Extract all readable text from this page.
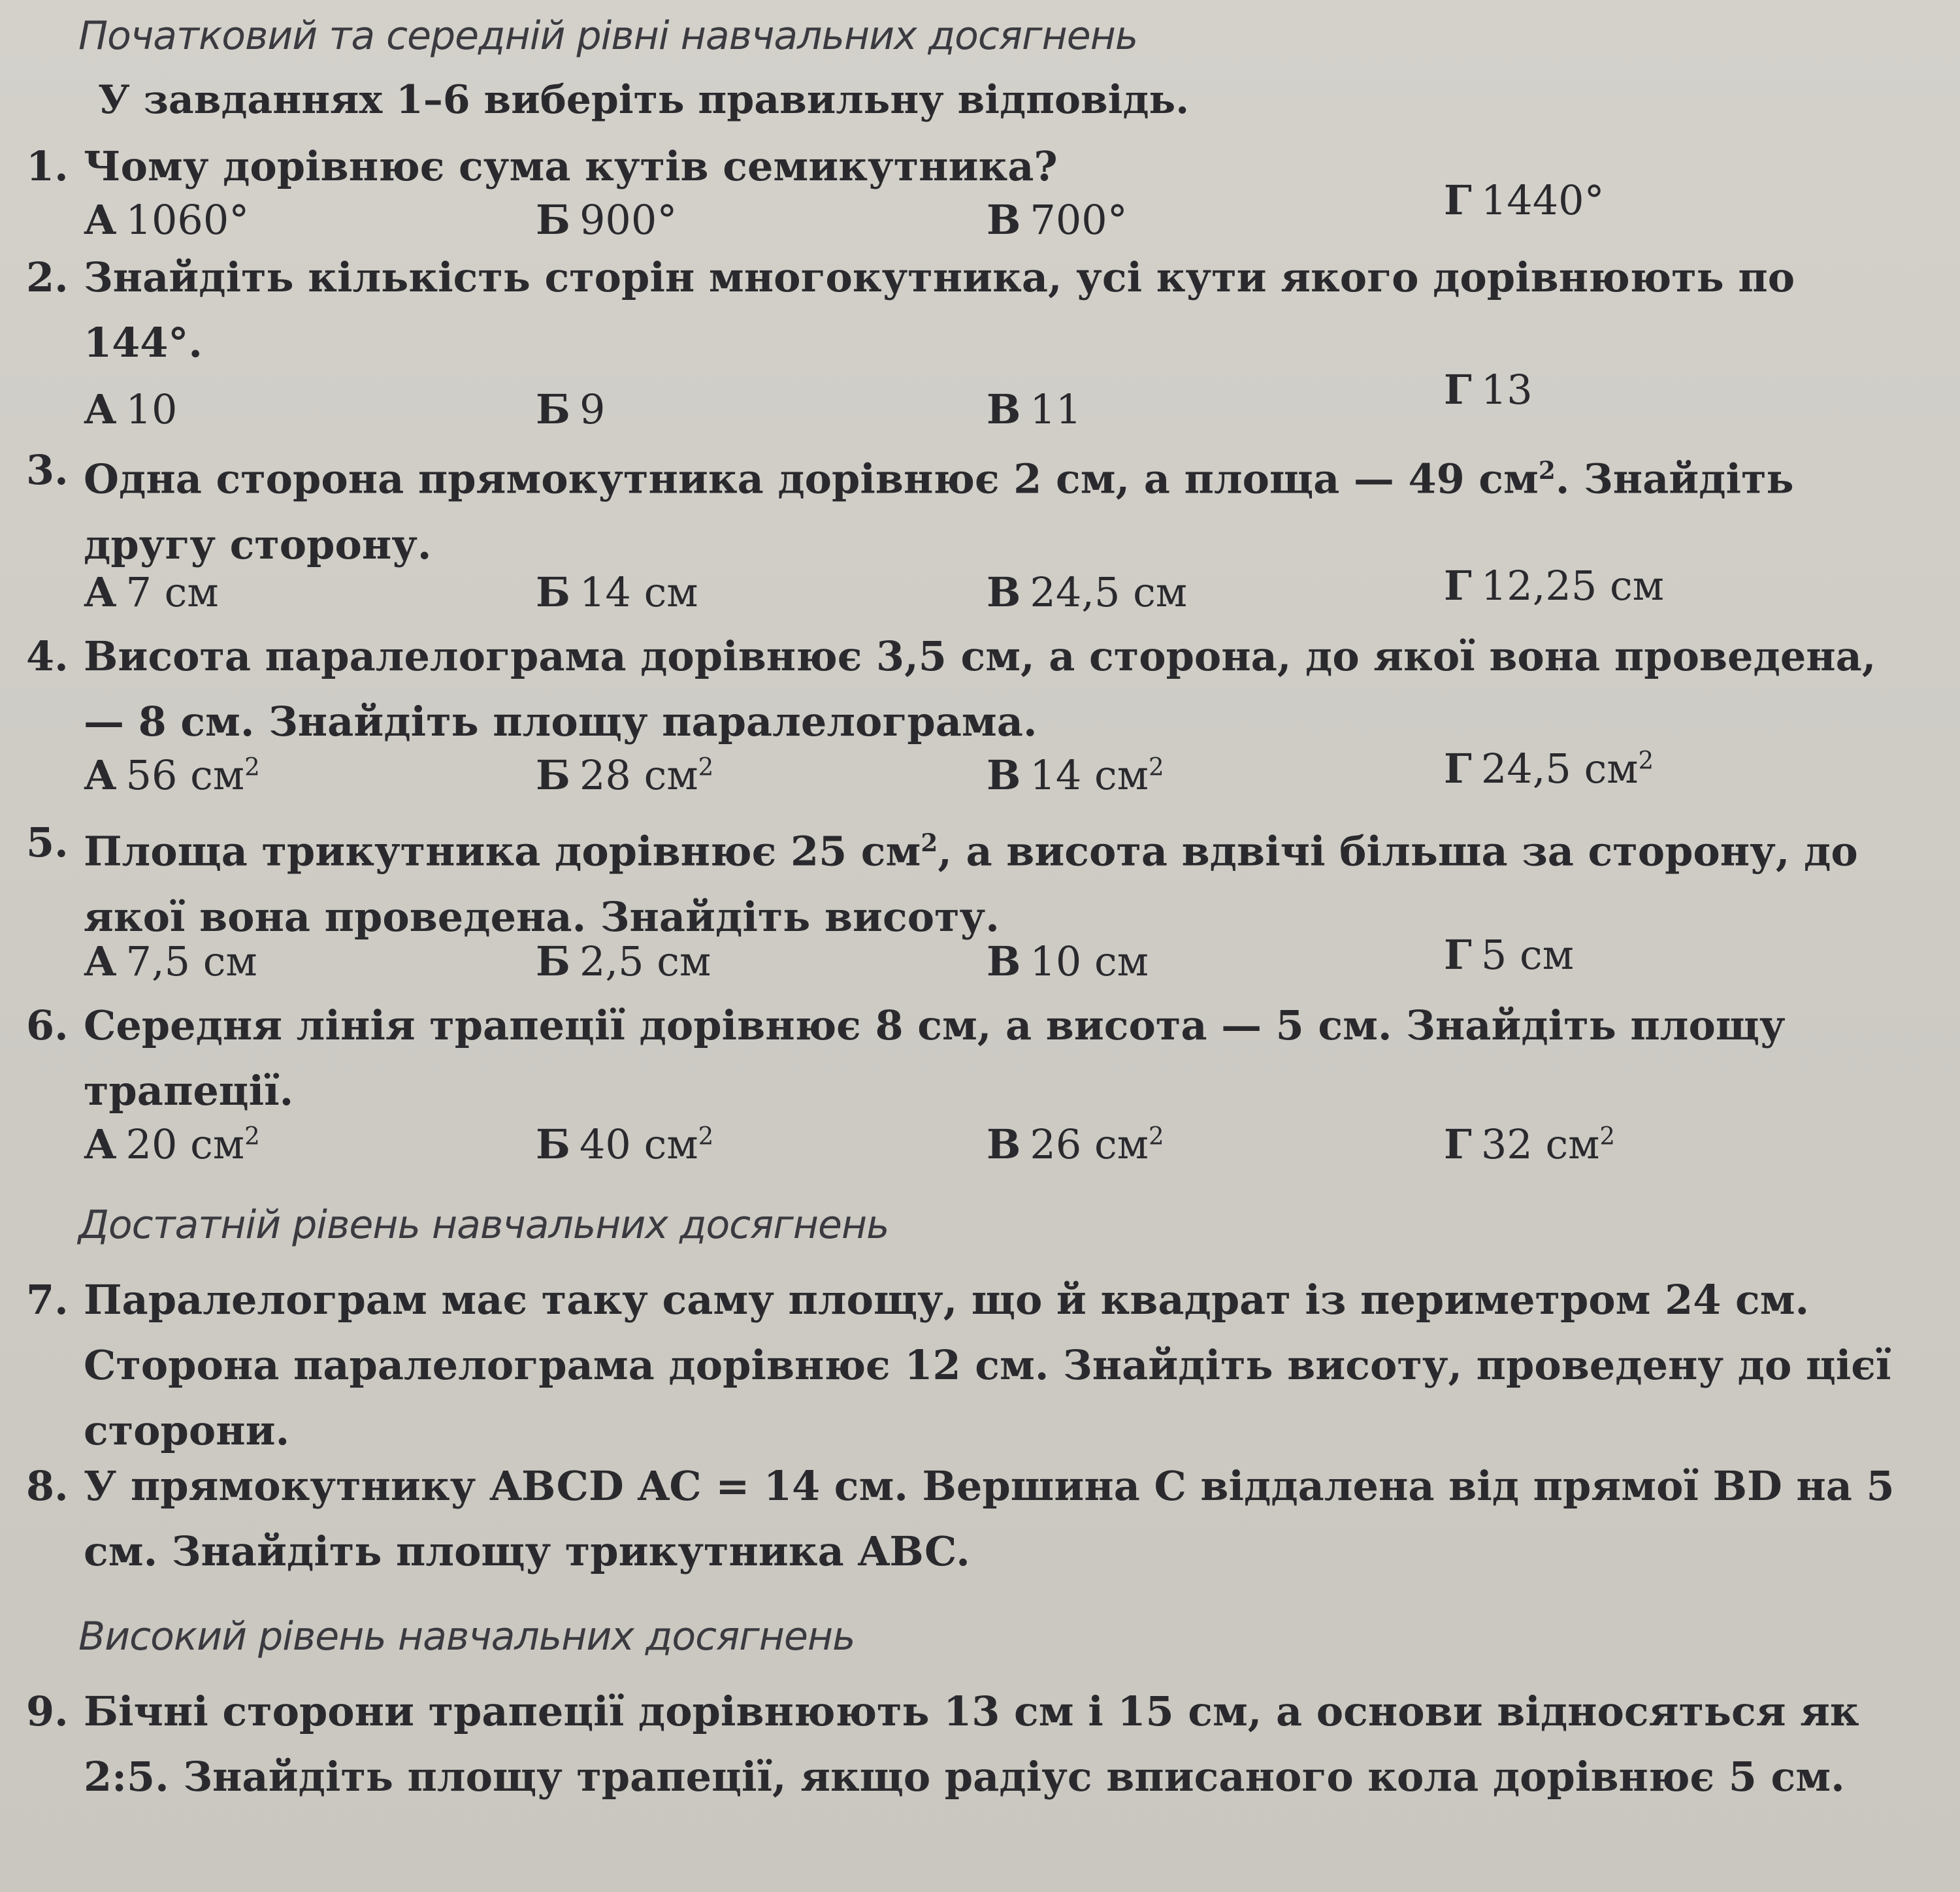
Початковий та середній рівні навчальних досягнень
У завданнях 1–6 виберіть правильну відповідь.
1. Чому дорівнює сума кутів семикутника?
А 1060°	Б 900°	В 700°	Г 1440°
2. Знайдіть кількість сторін многокутника, усі кути якого дорівнюють по 144°.
А 10	Б 9	В 11	Г 13
3. Одна сторона прямокутника дорівнює 2 см, а площа — 49 $см^2$. Знайдіть другу сторону.
А 7 см	Б 14 см	В 24,5 см	Г 12,25 см
4. Висота паралелограма дорівнює 3,5 см, а сторона, до якої вона проведена, — 8 см. Знайдіть площу паралелограма.
А 56 $см^2$	Б 28 $см^2$	В 14 $см^2$	Г 24,5 $см^2$
5. Площа трикутника дорівнює 25 $см^2$, а висота вдвічі більша за сторону, до якої вона проведена. Знайдіть висоту.
А 7,5 см	Б 2,5 см	В 10 см	Г 5 см
6. Середня лінія трапеції дорівнює 8 см, а висота — 5 см. Знайдіть площу трапеції.
А 20 $см^2$	Б 40 $см^2$	В 26 $см^2$	Г 32 $см^2$
Достатній рівень навчальних досягнень
7. Паралелограм має таку саму площу, що й квадрат із периметром 24 см. Сторона паралелограма дорівнює 12 см. Знайдіть висоту, проведену до цієї сторони.
8. У прямокутнику ABCD AC = 14 см. Вершина C віддалена від прямої BD на 5 см. Знайдіть площу трикутника ABC.
Високий рівень навчальних досягнень
9. Бічні сторони трапеції дорівнюють 13 см і 15 см, а основи відносяться як 2:5. Знайдіть площу трапеції, якщо радіус вписаного кола дорівнює 5 см.
